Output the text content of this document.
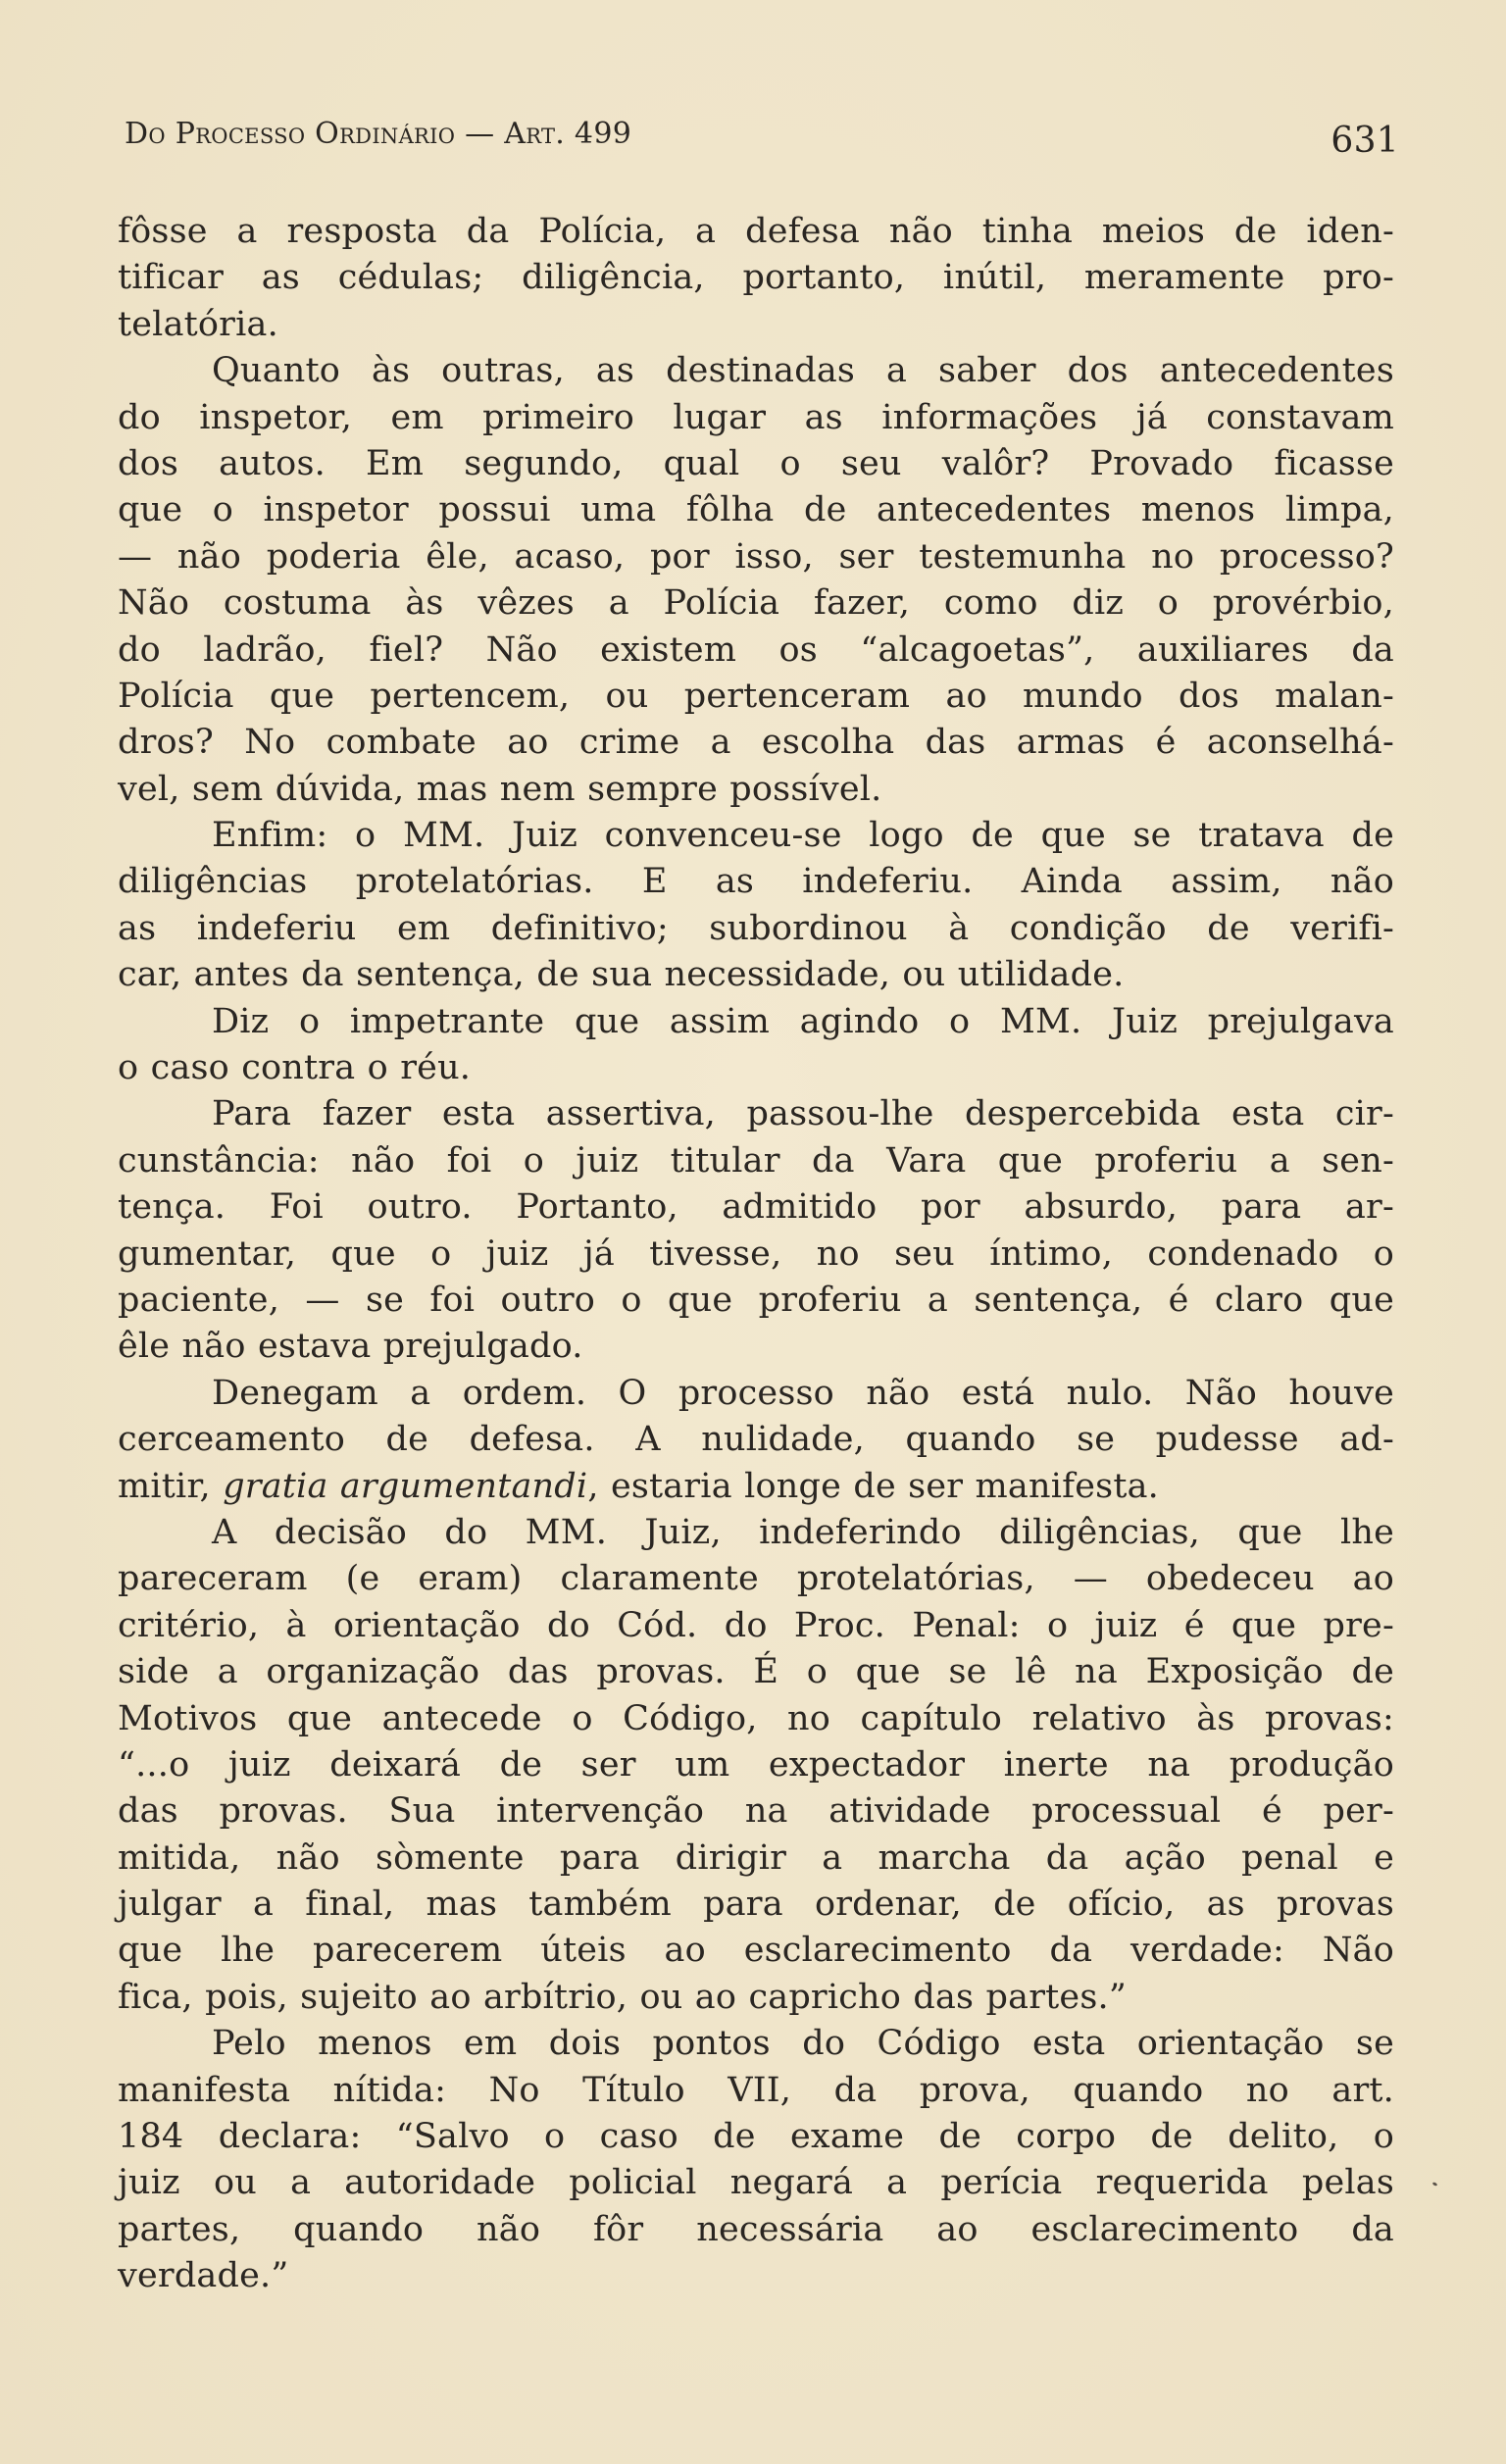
Do Processo Ordinário — Art. 499	631
fôsse a resposta da Polícia, a defesa não tinha meios de iden-
tificar as cédulas; diligência, portanto, inútil, meramente pro-
telatória.
Quanto às outras, as destinadas a saber dos antecedentes
do inspetor, em primeiro lugar as informações já constavam
dos autos. Em segundo, qual o seu valôr? Provado ficasse
que o inspetor possui uma fôlha de antecedentes menos limpa,
— não poderia êle, acaso, por isso, ser testemunha no processo?
Não costuma às vêzes a Polícia fazer, como diz o provérbio,
do ladrão, fiel? Não existem os “alcagoetas”, auxiliares da
Polícia que pertencem, ou pertenceram ao mundo dos malan-
dros? No combate ao crime a escolha das armas é aconselhá-
vel, sem dúvida, mas nem sempre possível.
Enfim: o MM. Juiz convenceu-se logo de que se tratava de
diligências protelatórias. E as indeferiu. Ainda assim, não
as indeferiu em definitivo; subordinou à condição de verifi-
car, antes da sentença, de sua necessidade, ou utilidade.
Diz o impetrante que assim agindo o MM. Juiz prejulgava
o caso contra o réu.
Para fazer esta assertiva, passou-lhe despercebida esta cir-
cunstância: não foi o juiz titular da Vara que proferiu a sen-
tença. Foi outro. Portanto, admitido por absurdo, para ar-
gumentar, que o juiz já tivesse, no seu íntimo, condenado o
paciente, — se foi outro o que proferiu a sentença, é claro que
êle não estava prejulgado.
Denegam a ordem. O processo não está nulo. Não houve
cerceamento de defesa. A nulidade, quando se pudesse ad-
mitir, gratia argumentandi, estaria longe de ser manifesta.
A decisão do MM. Juiz, indeferindo diligências, que lhe
pareceram (e eram) claramente protelatórias, — obedeceu ao
critério, à orientação do Cód. do Proc. Penal: o juiz é que pre-
side a organização das provas. É o que se lê na Exposição de
Motivos que antecede o Código, no capítulo relativo às provas:
“...o juiz deixará de ser um expectador inerte na produção
das provas. Sua intervenção na atividade processual é per-
mitida, não sòmente para dirigir a marcha da ação penal e
julgar a final, mas também para ordenar, de ofício, as provas
que lhe parecerem úteis ao esclarecimento da verdade: Não
fica, pois, sujeito ao arbítrio, ou ao capricho das partes.”
Pelo menos em dois pontos do Código esta orientação se
manifesta nítida: No Título VII, da prova, quando no art.
184 declara: “Salvo o caso de exame de corpo de delito, o
juiz ou a autoridade policial negará a perícia requerida pelas
partes, quando não fôr necessária ao esclarecimento da
verdade.”
